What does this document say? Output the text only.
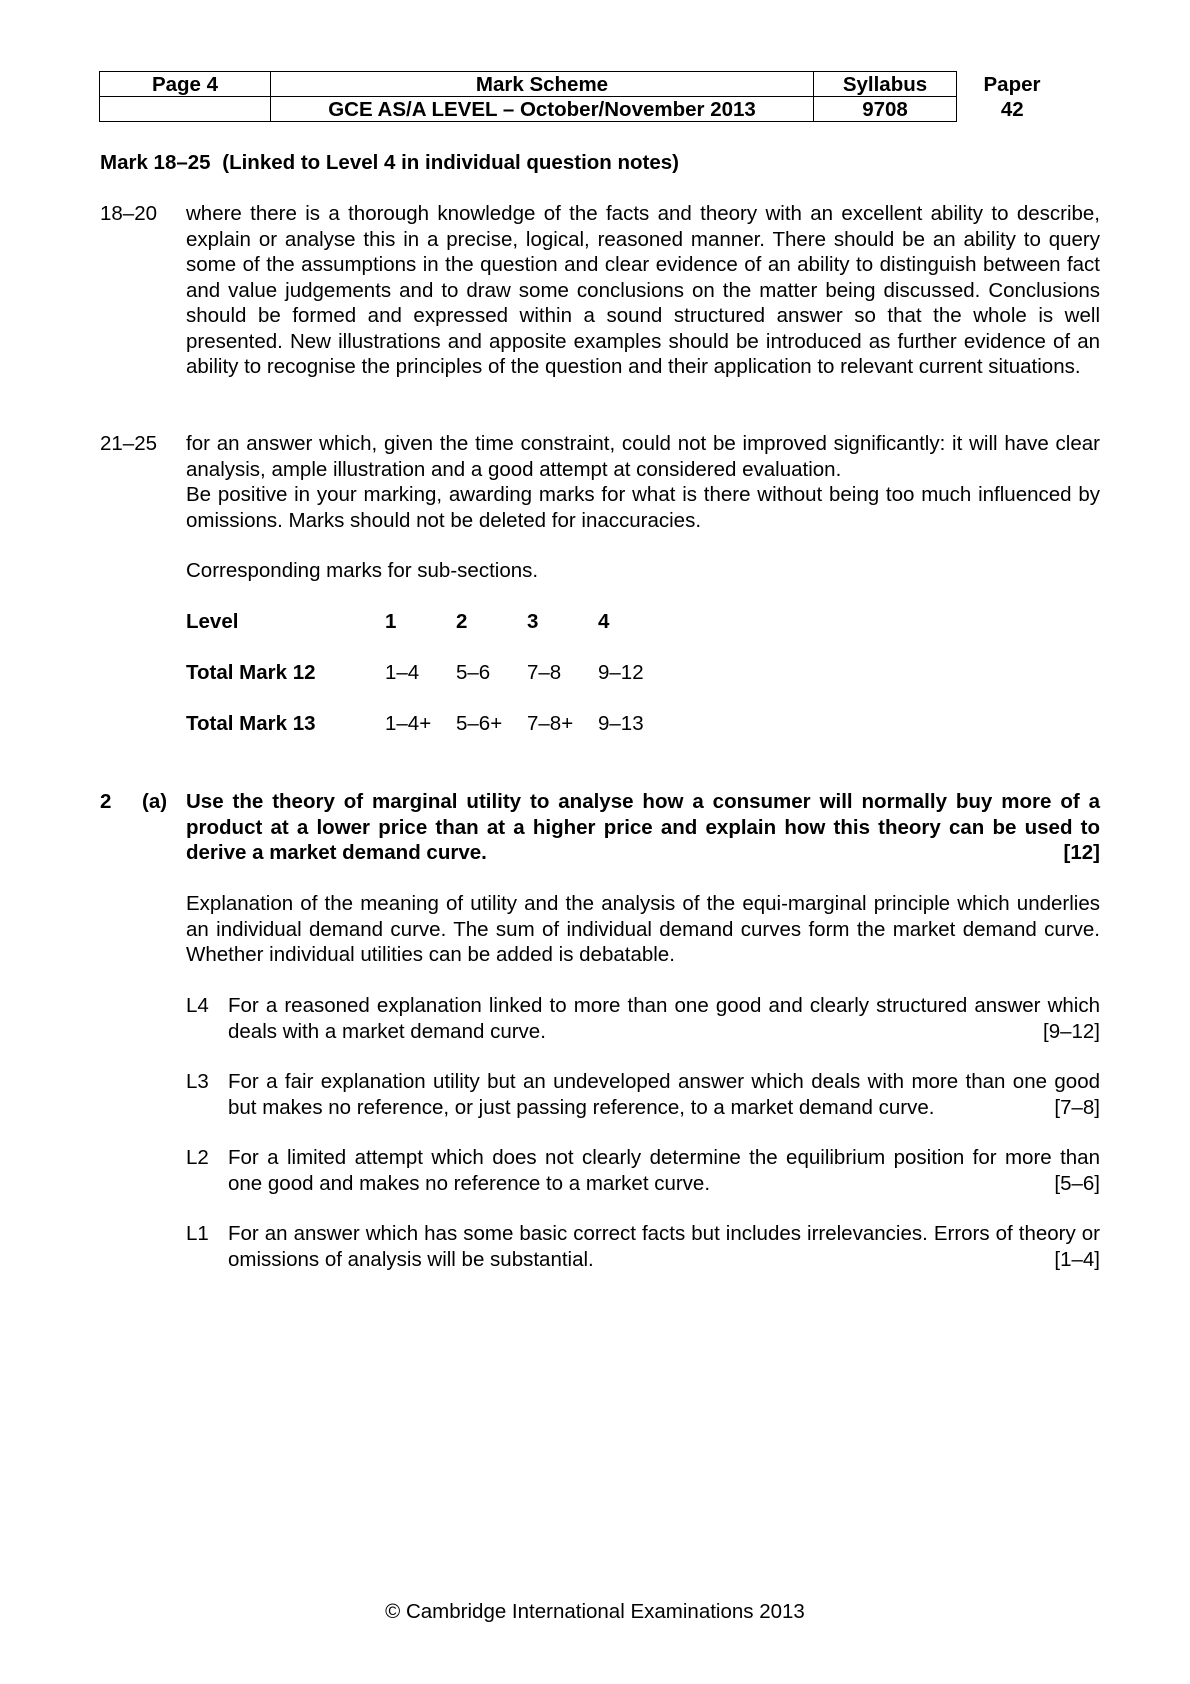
Page 4	Mark Scheme	Syllabus	Paper
	GCE AS/A LEVEL – October/November 2013	9708	42
Mark 18–25 (Linked to Level 4 in individual question notes)
18–20 where there is a thorough knowledge of the facts and theory with an excellent ability to describe, explain or analyse this in a precise, logical, reasoned manner. There should be an ability to query some of the assumptions in the question and clear evidence of an ability to distinguish between fact and value judgements and to draw some conclusions on the matter being discussed. Conclusions should be formed and expressed within a sound structured answer so that the whole is well presented. New illustrations and apposite examples should be introduced as further evidence of an ability to recognise the principles of the question and their application to relevant current situations.
21–25 for an answer which, given the time constraint, could not be improved significantly: it will have clear analysis, ample illustration and a good attempt at considered evaluation.
Be positive in your marking, awarding marks for what is there without being too much influenced by omissions. Marks should not be deleted for inaccuracies.
Corresponding marks for sub-sections.
Level	1	2	3	4
Total Mark 12	1–4 5–6 7–8 9–12
Total Mark 13	1–4+ 5–6+ 7–8+ 9–13
2 (a) Use the theory of marginal utility to analyse how a consumer will normally buy more of a product at a lower price than at a higher price and explain how this theory can be used to derive a market demand curve.	[12]
Explanation of the meaning of utility and the analysis of the equi-marginal principle which underlies an individual demand curve. The sum of individual demand curves form the market demand curve. Whether individual utilities can be added is debatable.
L4 For a reasoned explanation linked to more than one good and clearly structured answer which deals with a market demand curve.	[9–12]
L3 For a fair explanation utility but an undeveloped answer which deals with more than one good but makes no reference, or just passing reference, to a market demand curve.	[7–8]
L2 For a limited attempt which does not clearly determine the equilibrium position for more than one good and makes no reference to a market curve.	[5–6]
L1 For an answer which has some basic correct facts but includes irrelevancies. Errors of theory or omissions of analysis will be substantial.	[1–4]
© Cambridge International Examinations 2013
